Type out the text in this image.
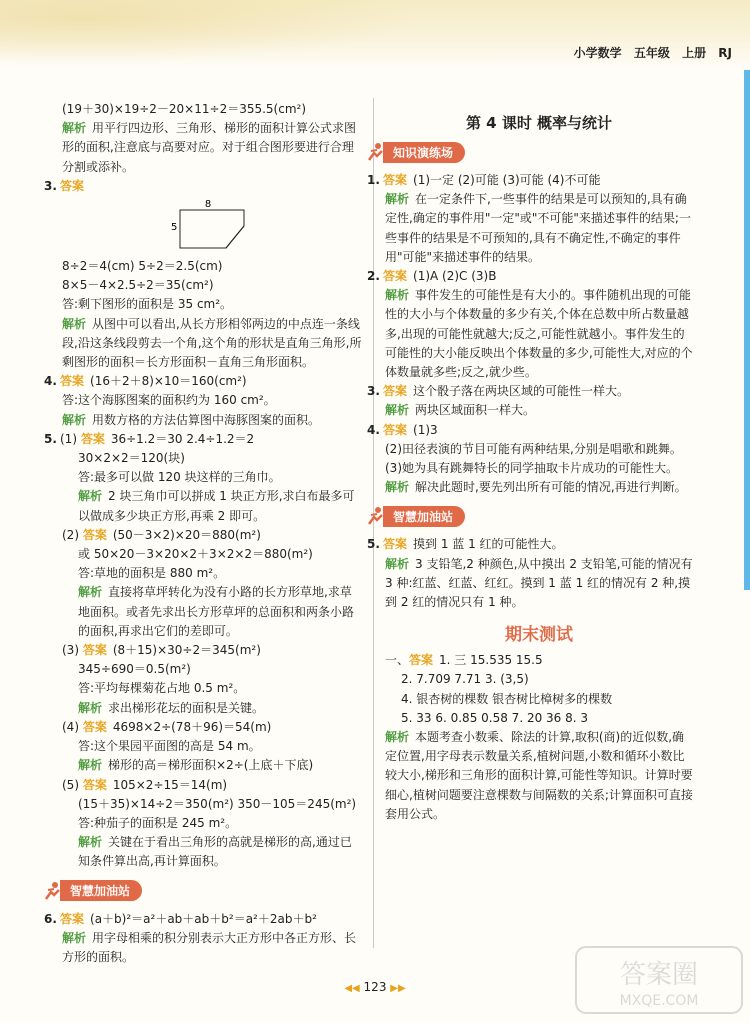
小学数学 五年级 上册 RJ
(19＋30)×19÷2－20×11÷2＝355.5(cm²)
解析 用平行四边形、三角形、梯形的面积计算公式求图形的面积,注意底与高要对应。对于组合图形要进行合理分割或添补。
3. 答案
8
5
8÷2＝4(cm) 5÷2＝2.5(cm)
8×5－4×2.5÷2＝35(cm²)
答:剩下图形的面积是 35 cm²。
解析 从图中可以看出,从长方形相邻两边的中点连一条线段,沿这条线段剪去一个角,这个角的形状是直角三角形,所剩图形的面积＝长方形面积－直角三角形面积。
4. 答案 (16＋2＋8)×10＝160(cm²)
答:这个海豚图案的面积约为 160 cm²。
解析 用数方格的方法估算图中海豚图案的面积。
5. (1) 答案 36÷1.2＝30 2.4÷1.2＝2
30×2×2＝120(块)
答:最多可以做 120 块这样的三角巾。
解析 2 块三角巾可以拼成 1 块正方形,求白布最多可以做成多少块正方形,再乘 2 即可。
(2) 答案 (50－3×2)×20＝880(m²)
或 50×20－3×20×2＋3×2×2＝880(m²)
答:草地的面积是 880 m²。
解析 直接将草坪转化为没有小路的长方形草地,求草地面积。或者先求出长方形草坪的总面积和两条小路的面积,再求出它们的差即可。
(3) 答案 (8＋15)×30÷2＝345(m²)
345÷690＝0.5(m²)
答:平均每棵菊花占地 0.5 m²。
解析 求出梯形花坛的面积是关键。
(4) 答案 4698×2÷(78＋96)＝54(m)
答:这个果园平面图的高是 54 m。
解析 梯形的高＝梯形面积×2÷(上底＋下底)
(5) 答案 105×2÷15＝14(m)
(15＋35)×14÷2＝350(m²) 350－105＝245(m²)
答:种茄子的面积是 245 m²。
解析 关键在于看出三角形的高就是梯形的高,通过已知条件算出高,再计算面积。
智慧加油站
6. 答案 (a＋b)²＝a²＋ab＋ab＋b²＝a²＋2ab＋b²
解析 用字母相乘的积分别表示大正方形中各正方形、长方形的面积。
第 4 课时 概率与统计
知识演练场
1. 答案 (1)一定 (2)可能 (3)可能 (4)不可能
解析 在一定条件下,一些事件的结果是可以预知的,具有确定性,确定的事件用"一定"或"不可能"来描述事件的结果;一些事件的结果是不可预知的,具有不确定性,不确定的事件用"可能"来描述事件的结果。
2. 答案 (1)A (2)C (3)B
解析 事件发生的可能性是有大小的。事件随机出现的可能性的大小与个体数量的多少有关,个体在总数中所占数量越多,出现的可能性就越大;反之,可能性就越小。事件发生的可能性的大小能反映出个体数量的多少,可能性大,对应的个体数量就多些;反之,就少些。
3. 答案 这个骰子落在两块区域的可能性一样大。
解析 两块区域面积一样大。
4. 答案 (1)3
(2)田径表演的节目可能有两种结果,分别是唱歌和跳舞。
(3)她为具有跳舞特长的同学抽取卡片成功的可能性大。
解析 解决此题时,要先列出所有可能的情况,再进行判断。
智慧加油站
5. 答案 摸到 1 蓝 1 红的可能性大。
解析 3 支铅笔,2 种颜色,从中摸出 2 支铅笔,可能的情况有 3 种:红蓝、红蓝、红红。摸到 1 蓝 1 红的情况有 2 种,摸到 2 红的情况只有 1 种。
期末测试
一、答案 1. 三 15.535 15.5
2. 7.709 7.71 3. (3,5)
4. 银杏树的棵数 银杏树比樟树多的棵数
5. 33 6. 0.85 0.58 7. 20 36 8. 3
解析 本题考查小数乘、除法的计算,取积(商)的近似数,确定位置,用字母表示数量关系,植树问题,小数和循环小数比较大小,梯形和三角形的面积计算,可能性等知识。计算时要细心,植树问题要注意棵数与间隔数的关系;计算面积可直接套用公式。
◀◀ 123 ▶▶	答案圈
MXQE.COM
